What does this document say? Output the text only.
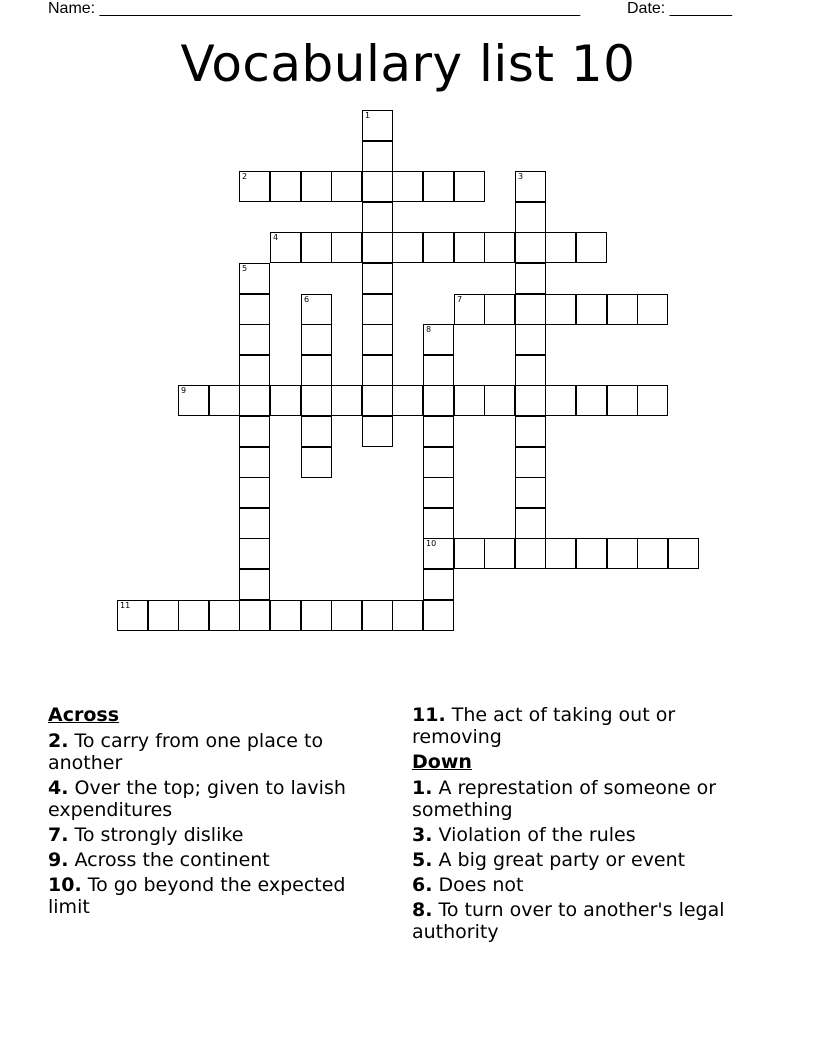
Name: ______________________________________________________	Date: _______
Vocabulary list 10
1
2	3
4
5
6	7
8
10
9
11
Across
2. To carry from one place to another
4. Over the top; given to lavish expenditures
7. To strongly dislike
9. Across the continent
10. To go beyond the expected limit
11. The act of taking out or removing
Down
1. A represtation of someone or something
3. Violation of the rules
5. A big great party or event
6. Does not
8. To turn over to another's legal authority
